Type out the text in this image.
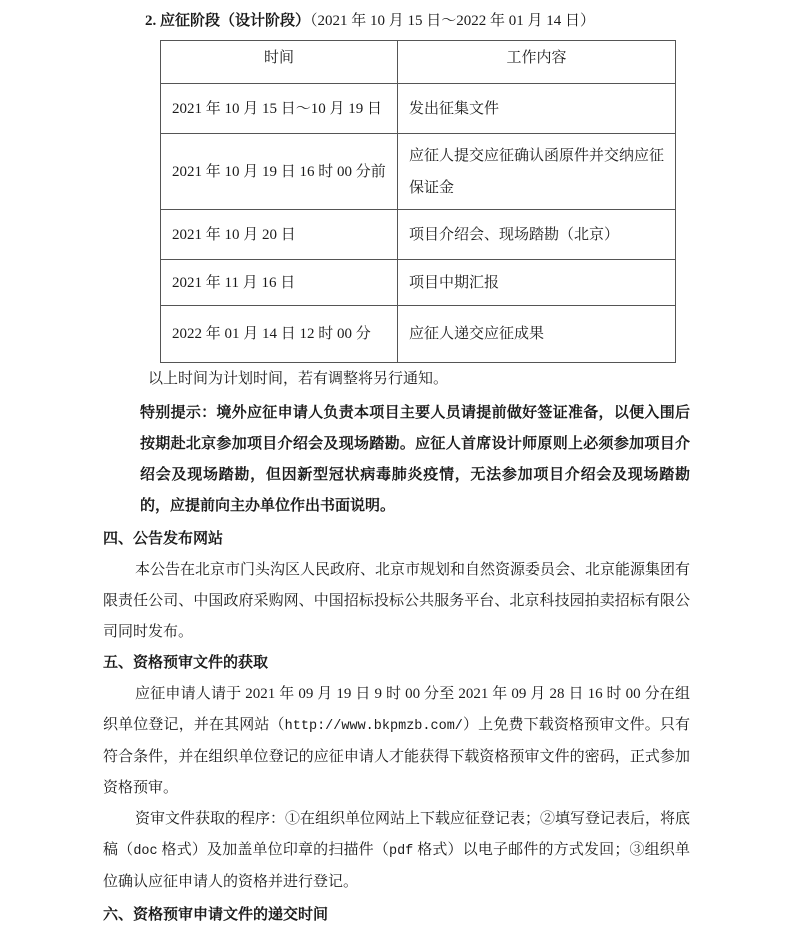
2. 应征阶段（设计阶段）（2021 年 10 月 15 日～2022 年 01 月 14 日）

时间	工作内容
2021 年 10 月 15 日～10 月 19 日	发出征集文件
2021 年 10 月 19 日 16 时 00 分前	应征人提交应征确认函原件并交纳应征保证金
2021 年 10 月 20 日	项目介绍会、现场踏勘（北京）
2021 年 11 月 16 日	项目中期汇报
2022 年 01 月 14 日 12 时 00 分	应征人递交应征成果

以上时间为计划时间，若有调整将另行通知。

特别提示：境外应征申请人负责本项目主要人员请提前做好签证准备，以便入围后按期赴北京参加项目介绍会及现场踏勘。应征人首席设计师原则上必须参加项目介绍会及现场踏勘，但因新型冠状病毒肺炎疫情，无法参加项目介绍会及现场踏勘的，应提前向主办单位作出书面说明。

四、公告发布网站

本公告在北京市门头沟区人民政府、北京市规划和自然资源委员会、北京能源集团有限责任公司、中国政府采购网、中国招标投标公共服务平台、北京科技园拍卖招标有限公司同时发布。

五、资格预审文件的获取

应征申请人请于 2021 年 09 月 19 日 9 时 00 分至 2021 年 09 月 28 日 16 时 00 分在组织单位登记，并在其网站（http://www.bkpmzb.com/）上免费下载资格预审文件。只有符合条件，并在组织单位登记的应征申请人才能获得下载资格预审文件的密码，正式参加资格预审。

资审文件获取的程序：①在组织单位网站上下载应征登记表；②填写登记表后，将底稿（doc 格式）及加盖单位印章的扫描件（pdf 格式）以电子邮件的方式发回；③组织单位确认应征申请人的资格并进行登记。

六、资格预审申请文件的递交时间
